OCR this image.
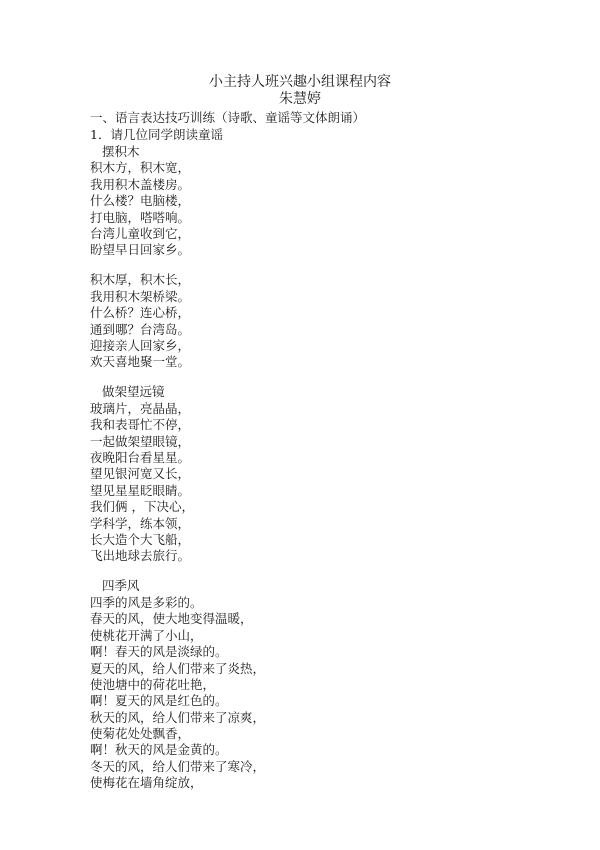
小主持人班兴趣小组课程内容
朱慧婷
一、语言表达技巧训练（诗歌、童谣等文体朗诵）
1．请几位同学朗读童谣
摆积木
积木方，积木宽，
我用积木盖楼房。
什么楼？电脑楼，
打电脑，嗒嗒响。
台湾儿童收到它，
盼望早日回家乡。
积木厚，积木长，
我用积木架桥梁。
什么桥？连心桥，
通到哪？台湾岛。
迎接亲人回家乡，
欢天喜地聚一堂。
做架望远镜
玻璃片，亮晶晶，
我和表哥忙不停，
一起做架望眼镜，
夜晚阳台看星星。
望见银河宽又长，
望见星星眨眼睛。
我们俩 ，下决心，
学科学，练本领，
长大造个大飞船，
飞出地球去旅行。
四季风
四季的风是多彩的。
春天的风，使大地变得温暖，
使桃花开满了小山，
啊！春天的风是淡绿的。
夏天的风，给人们带来了炎热，
使池塘中的荷花吐艳，
啊！夏天的风是红色的。
秋天的风，给人们带来了凉爽，
使菊花处处飘香，
啊！秋天的风是金黄的。
冬天的风，给人们带来了寒冷，
使梅花在墙角绽放，
